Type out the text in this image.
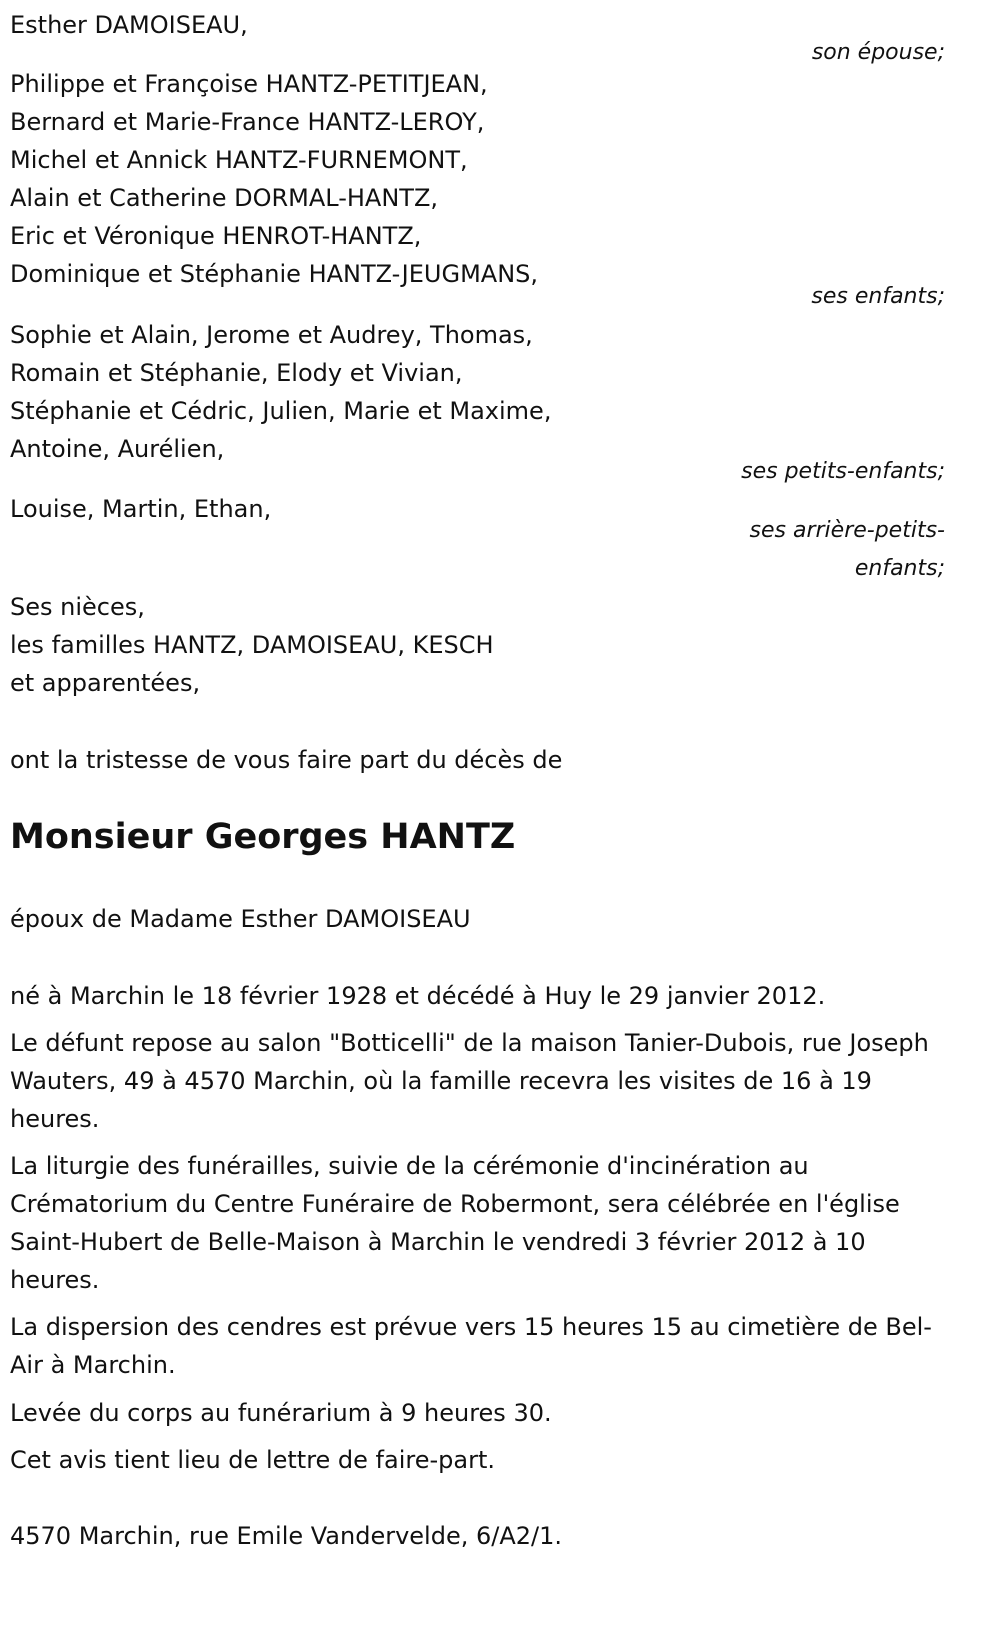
Esther DAMOISEAU,
son épouse;
Philippe et Françoise HANTZ-PETITJEAN,
Bernard et Marie-France HANTZ-LEROY,
Michel et Annick HANTZ-FURNEMONT,
Alain et Catherine DORMAL-HANTZ,
Eric et Véronique HENROT-HANTZ,
Dominique et Stéphanie HANTZ-JEUGMANS,
ses enfants;
Sophie et Alain, Jerome et Audrey, Thomas,
Romain et Stéphanie, Elody et Vivian,
Stéphanie et Cédric, Julien, Marie et Maxime,
Antoine, Aurélien,
ses petits-enfants;
Louise, Martin, Ethan,
ses arrière-petits-
enfants;
Ses nièces,
les familles HANTZ, DAMOISEAU, KESCH
et apparentées,
ont la tristesse de vous faire part du décès de
Monsieur Georges HANTZ
époux de Madame Esther DAMOISEAU
né à Marchin le 18 février 1928 et décédé à Huy le 29 janvier 2012.
Le défunt repose au salon "Botticelli" de la maison Tanier-Dubois, rue Joseph Wauters, 49 à 4570 Marchin, où la famille recevra les visites de 16 à 19 heures.
La liturgie des funérailles, suivie de la cérémonie d'incinération au Crématorium du Centre Funéraire de Robermont, sera célébrée en l'église Saint-Hubert de Belle-Maison à Marchin le vendredi 3 février 2012 à 10 heures.
La dispersion des cendres est prévue vers 15 heures 15 au cimetière de Bel-Air à Marchin.
Levée du corps au funérarium à 9 heures 30.
Cet avis tient lieu de lettre de faire-part.
4570 Marchin, rue Emile Vandervelde, 6/A2/1.
